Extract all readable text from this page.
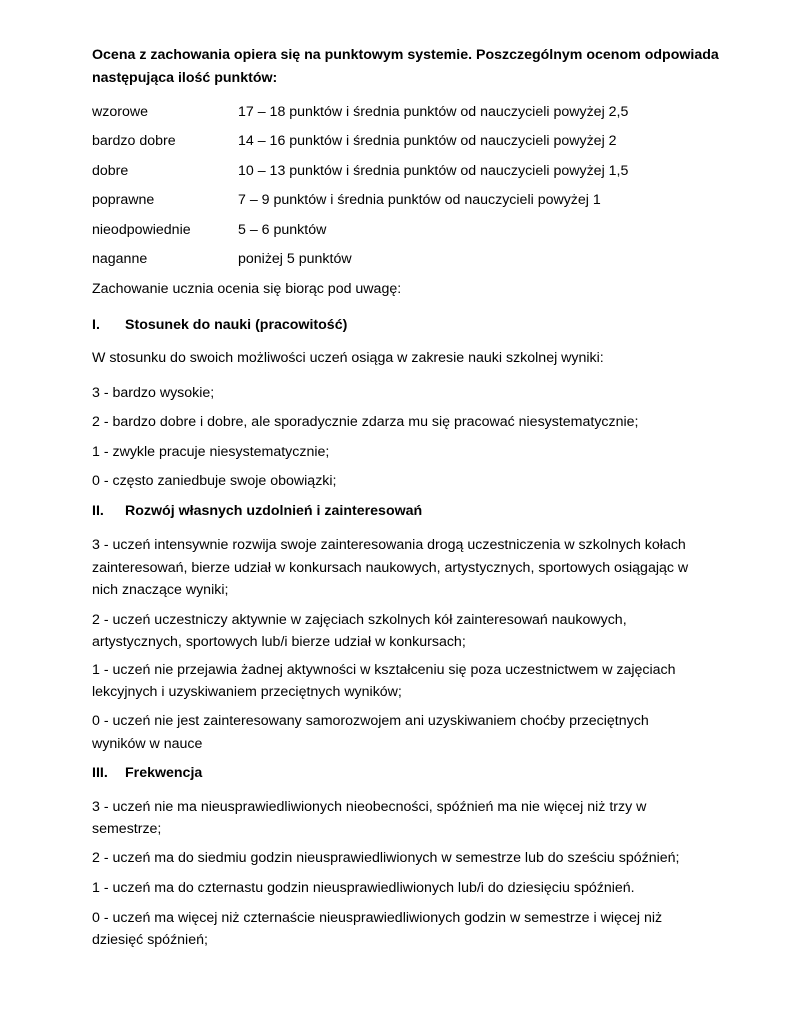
Ocena z zachowania opiera się na punktowym systemie. Poszczególnym ocenom odpowiada
następująca ilość punktów:
wzorowe	17 – 18 punktów i średnia punktów od nauczycieli powyżej 2,5
bardzo dobre	14 – 16 punktów i średnia punktów od nauczycieli powyżej 2
dobre	10 – 13 punktów i średnia punktów od nauczycieli powyżej 1,5
poprawne	7 – 9 punktów i średnia punktów od nauczycieli powyżej 1
nieodpowiednie	5 – 6 punktów
naganne	poniżej 5 punktów
Zachowanie ucznia ocenia się biorąc pod uwagę:
I. Stosunek do nauki (pracowitość)
W stosunku do swoich możliwości uczeń osiąga w zakresie nauki szkolnej wyniki:
3 - bardzo wysokie;
2 - bardzo dobre i dobre, ale sporadycznie zdarza mu się pracować niesystematycznie;
1 - zwykle pracuje niesystematycznie;
0 - często zaniedbuje swoje obowiązki;
II. Rozwój własnych uzdolnień i zainteresowań
3 - uczeń intensywnie rozwija swoje zainteresowania drogą uczestniczenia w szkolnych kołach
zainteresowań, bierze udział w konkursach naukowych, artystycznych, sportowych osiągając w
nich znaczące wyniki;
2 - uczeń uczestniczy aktywnie w zajęciach szkolnych kół zainteresowań naukowych,
artystycznych, sportowych lub/i bierze udział w konkursach;
1 - uczeń nie przejawia żadnej aktywności w kształceniu się poza uczestnictwem w zajęciach
lekcyjnych i uzyskiwaniem przeciętnych wyników;
0 - uczeń nie jest zainteresowany samorozwojem ani uzyskiwaniem choćby przeciętnych
wyników w nauce
III. Frekwencja
3 - uczeń nie ma nieusprawiedliwionych nieobecności, spóźnień ma nie więcej niż trzy w
semestrze;
2 - uczeń ma do siedmiu godzin nieusprawiedliwionych w semestrze lub do sześciu spóźnień;
1 - uczeń ma do czternastu godzin nieusprawiedliwionych lub/i do dziesięciu spóźnień.
0 - uczeń ma więcej niż czternaście nieusprawiedliwionych godzin w semestrze i więcej niż
dziesięć spóźnień;
